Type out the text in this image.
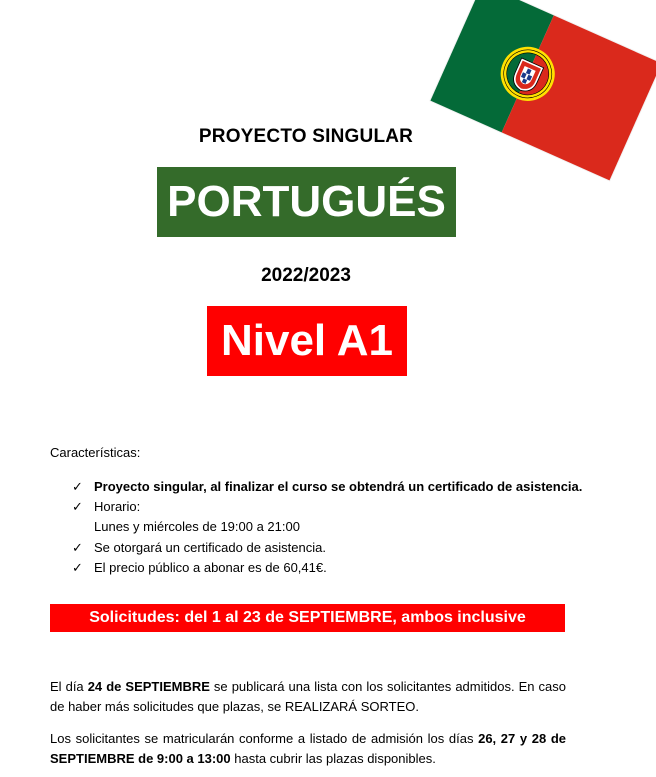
PROYECTO SINGULAR
PORTUGUÉS
2022/2023
Nivel A1
Características:
✓ Proyecto singular, al finalizar el curso se obtendrá un certificado de asistencia.
✓ Horario:
Lunes y miércoles de 19:00 a 21:00
✓ Se otorgará un certificado de asistencia.
✓ El precio público a abonar es de 60,41€.
Solicitudes: del 1 al 23 de SEPTIEMBRE, ambos inclusive
El día 24 de SEPTIEMBRE se publicará una lista con los solicitantes admitidos. En caso de haber más solicitudes que plazas, se REALIZARÁ SORTEO.
Los solicitantes se matricularán conforme a listado de admisión los días 26, 27 y 28 de SEPTIEMBRE de 9:00 a 13:00 hasta cubrir las plazas disponibles.
